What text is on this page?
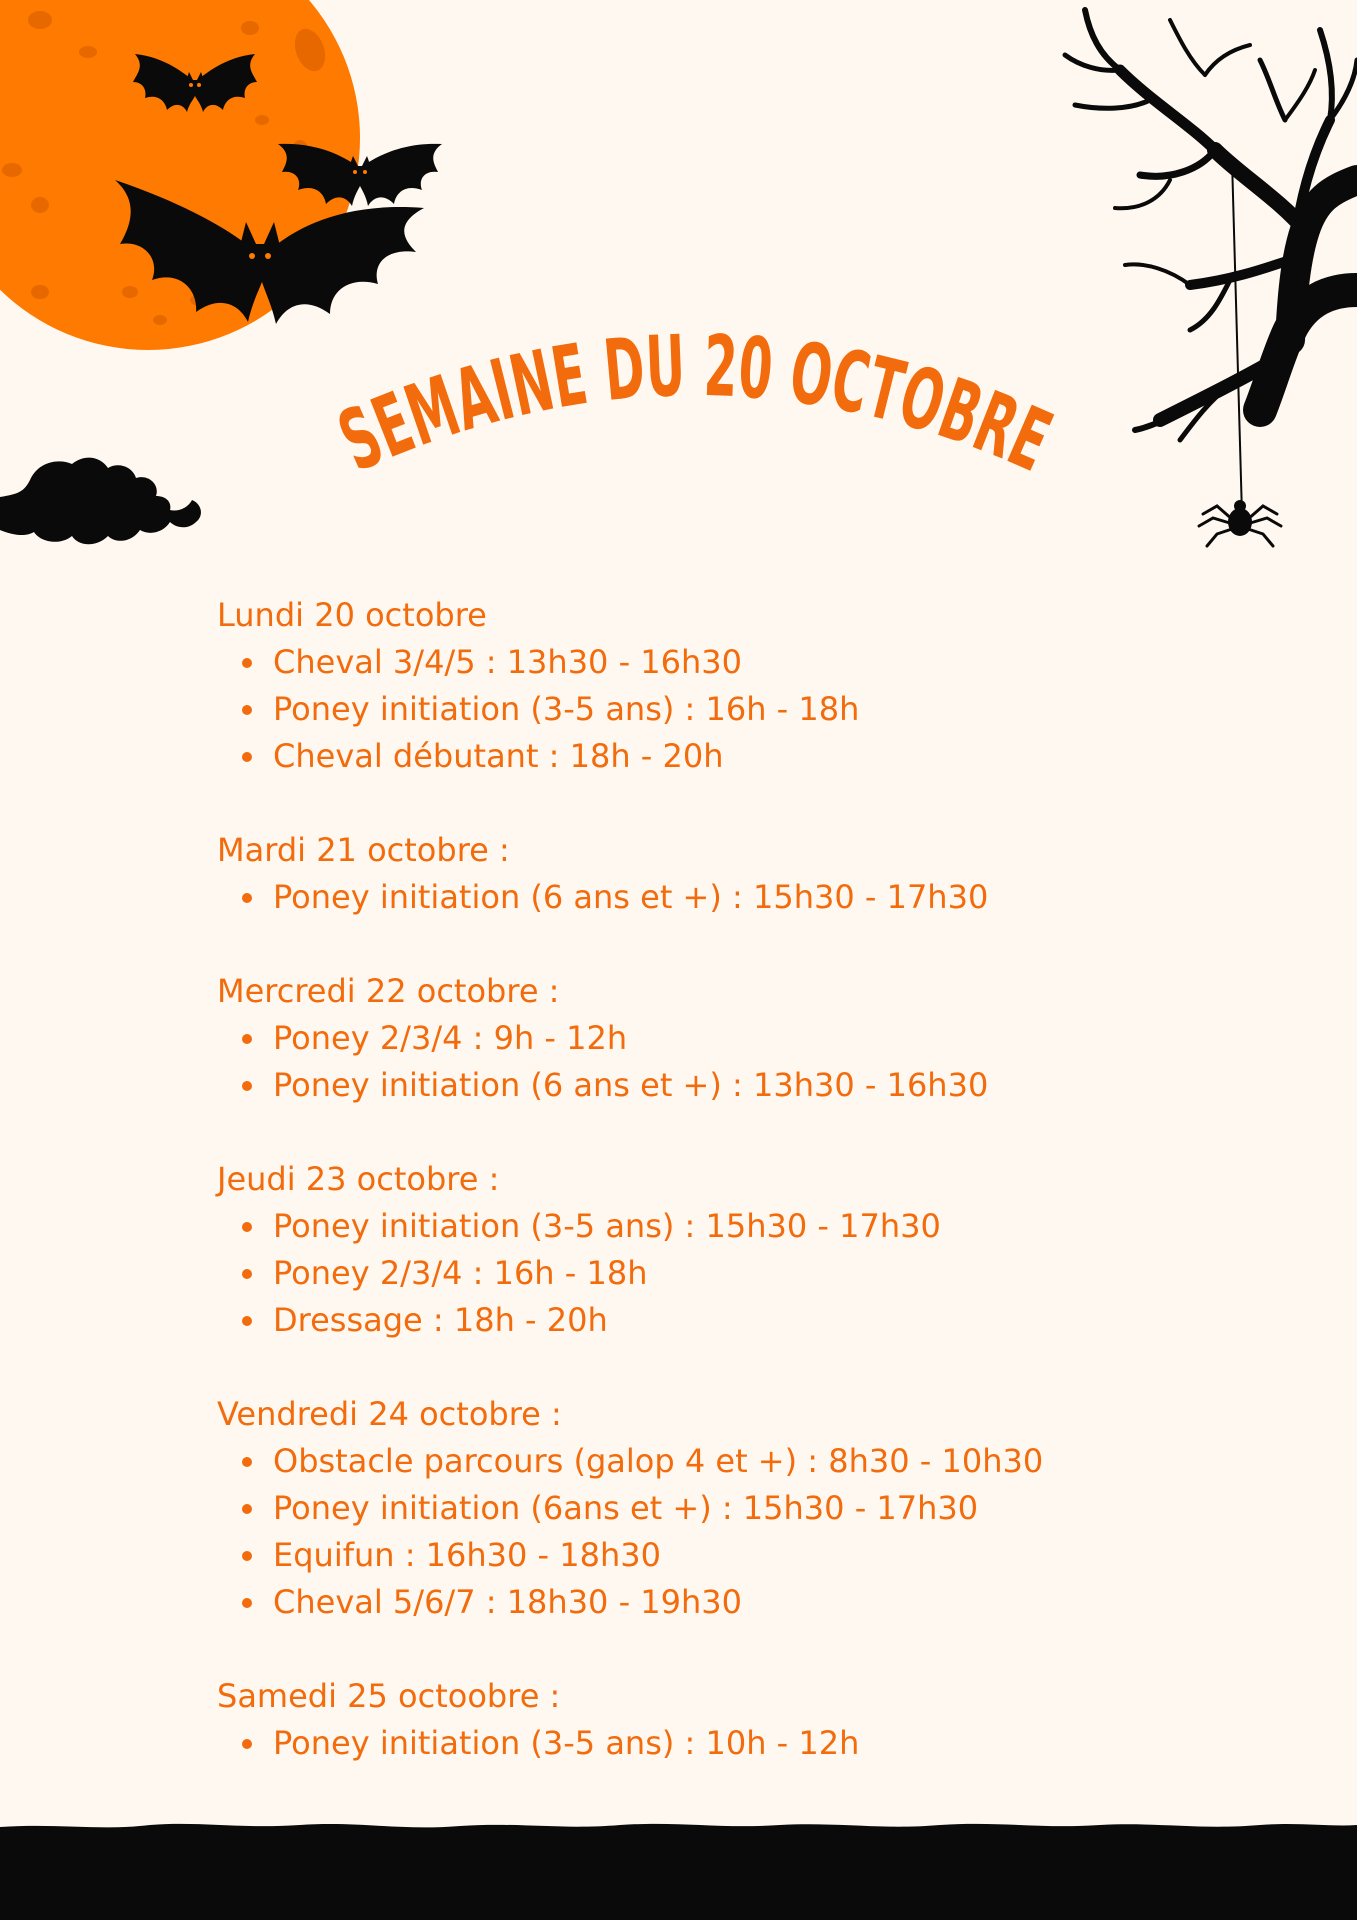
SEMAINE DU 20 OCTOBRE
Lundi 20 octobre
Cheval 3/4/5 : 13h30 - 16h30
Poney initiation (3-5 ans) : 16h - 18h
Cheval débutant : 18h - 20h
Mardi 21 octobre :
Poney initiation (6 ans et +) : 15h30 - 17h30
Mercredi 22 octobre :
Poney 2/3/4 : 9h - 12h
Poney initiation (6 ans et +) : 13h30 - 16h30
Jeudi 23 octobre :
Poney initiation (3-5 ans) : 15h30 - 17h30
Poney 2/3/4 : 16h - 18h
Dressage : 18h - 20h
Vendredi 24 octobre :
Obstacle parcours (galop 4 et +) : 8h30 - 10h30
Poney initiation (6ans et +) : 15h30 - 17h30
Equifun : 16h30 - 18h30
Cheval 5/6/7 : 18h30 - 19h30
Samedi 25 octoobre :
Poney initiation (3-5 ans) : 10h - 12h
